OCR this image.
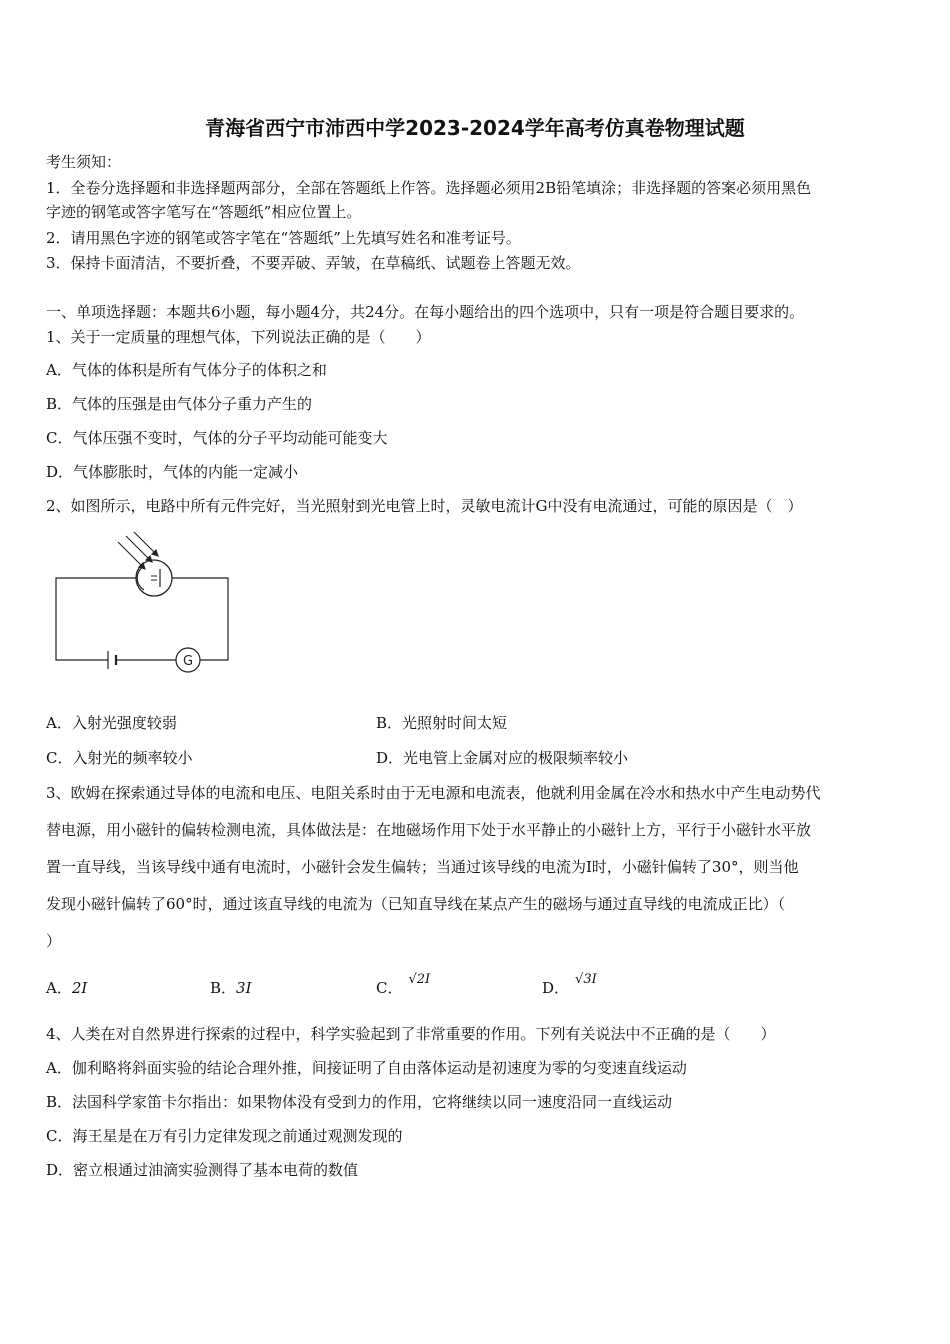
青海省西宁市沛西中学2023-2024学年高考仿真卷物理试题
考生须知：
1．全卷分选择题和非选择题两部分，全部在答题纸上作答。选择题必须用2B铅笔填涂；非选择题的答案必须用黑色
字迹的钢笔或答字笔写在“答题纸”相应位置上。
2．请用黑色字迹的钢笔或答字笔在“答题纸”上先填写姓名和准考证号。
3．保持卡面清洁，不要折叠，不要弄破、弄皱，在草稿纸、试题卷上答题无效。
一、单项选择题：本题共6小题，每小题4分，共24分。在每小题给出的四个选项中，只有一项是符合题目要求的。
1、关于一定质量的理想气体，下列说法正确的是（　　）
A．气体的体积是所有气体分子的体积之和
B．气体的压强是由气体分子重力产生的
C．气体压强不变时，气体的分子平均动能可能变大
D．气体膨胀时，气体的内能一定减小
2、如图所示，电路中所有元件完好，当光照射到光电管上时，灵敏电流计G中没有电流通过，可能的原因是（　）
G
A．入射光强度较弱	B．光照射时间太短
C．入射光的频率较小	D．光电管上金属对应的极限频率较小
3、欧姆在探索通过导体的电流和电压、电阻关系时由于无电源和电流表，他就利用金属在冷水和热水中产生电动势代
替电源，用小磁针的偏转检测电流，具体做法是：在地磁场作用下处于水平静止的小磁针上方，平行于小磁针水平放
置一直导线，当该导线中通有电流时，小磁针会发生偏转；当通过该导线的电流为I时，小磁针偏转了30°，则当他
发现小磁针偏转了60°时，通过该直导线的电流为（已知直导线在某点产生的磁场与通过直导线的电流成正比）（
）
A．2I	B．3I	C． √2I	D． √3I
4、人类在对自然界进行探索的过程中，科学实验起到了非常重要的作用。下列有关说法中不正确的是（　　）
A．伽利略将斜面实验的结论合理外推，间接证明了自由落体运动是初速度为零的匀变速直线运动
B．法国科学家笛卡尔指出：如果物体没有受到力的作用，它将继续以同一速度沿同一直线运动
C．海王星是在万有引力定律发现之前通过观测发现的
D．密立根通过油滴实验测得了基本电荷的数值
